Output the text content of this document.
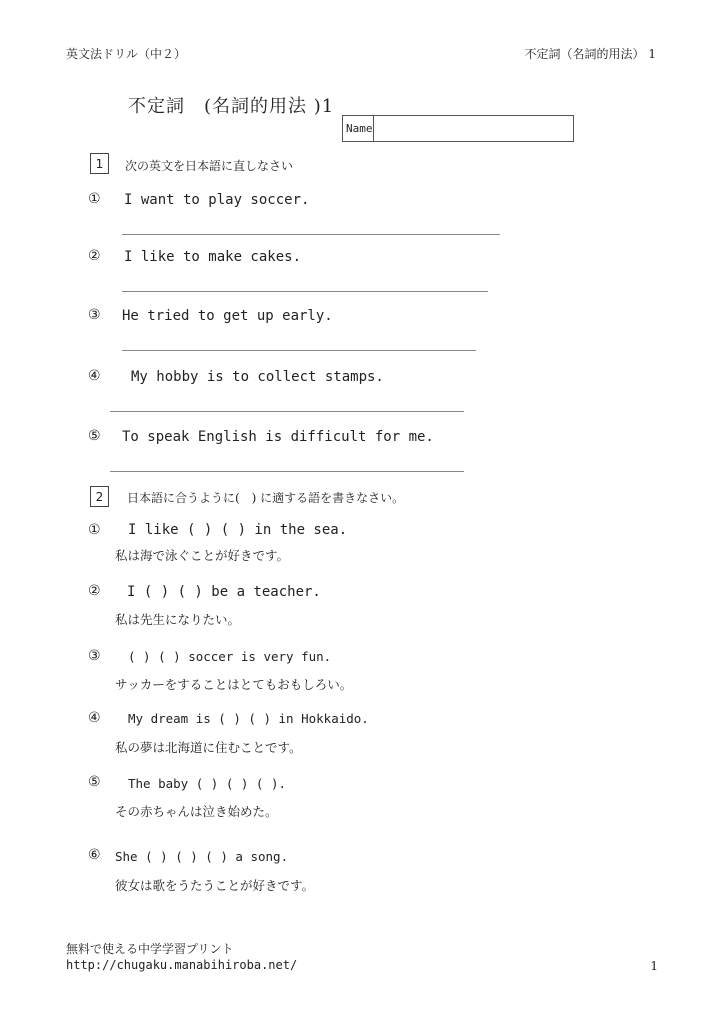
英文法ドリル（中２）	不定詞（名詞的用法） 1
不定詞　(名詞的用法 )1
Name
1	次の英文を日本語に直しなさい
① I want to play soccer.
② I like to make cakes.
③ He tried to get up early.
④ My hobby is to collect stamps.
⑤ To speak English is difficult for me.
2	日本語に合うように(　) に適する語を書きなさい。
① I like ( ) ( ) in the sea.
私は海で泳ぐことが好きです。
② I ( ) ( ) be a teacher.
私は先生になりたい。
③ ( ) ( ) soccer is very fun.
サッカーをすることはとてもおもしろい。
④ My dream is ( ) ( ) in Hokkaido.
私の夢は北海道に住むことです。
⑤ The baby ( ) ( ) ( ).
その赤ちゃんは泣き始めた。
⑥ She ( ) ( ) ( ) a song.
彼女は歌をうたうことが好きです。
無料で使える中学学習プリント
http://chugaku.manabihiroba.net/	1
